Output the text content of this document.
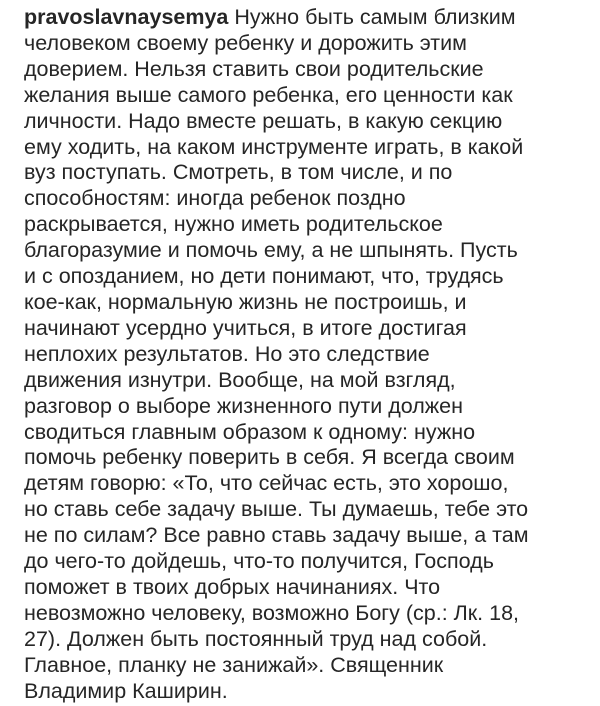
pravoslavnaysemya Нужно быть самым близким
человеком своему ребенку и дорожить этим
доверием. Нельзя ставить свои родительские
желания выше самого ребенка, его ценности как
личности. Надо вместе решать, в какую секцию
ему ходить, на каком инструменте играть, в какой
вуз поступать. Смотреть, в том числе, и по
способностям: иногда ребенок поздно
раскрывается, нужно иметь родительское
благоразумие и помочь ему, а не шпынять. Пусть
и с опозданием, но дети понимают, что, трудясь
кое-как, нормальную жизнь не построишь, и
начинают усердно учиться, в итоге достигая
неплохих результатов. Но это следствие
движения изнутри. Вообще, на мой взгляд,
разговор о выборе жизненного пути должен
сводиться главным образом к одному: нужно
помочь ребенку поверить в себя. Я всегда своим
детям говорю: «То, что сейчас есть, это хорошо,
но ставь себе задачу выше. Ты думаешь, тебе это
не по силам? Все равно ставь задачу выше, а там
до чего-то дойдешь, что-то получится, Господь
поможет в твоих добрых начинаниях. Что
невозможно человеку, возможно Богу (ср.: Лк. 18,
27). Должен быть постоянный труд над собой.
Главное, планку не занижай». Священник
Владимир Каширин.
